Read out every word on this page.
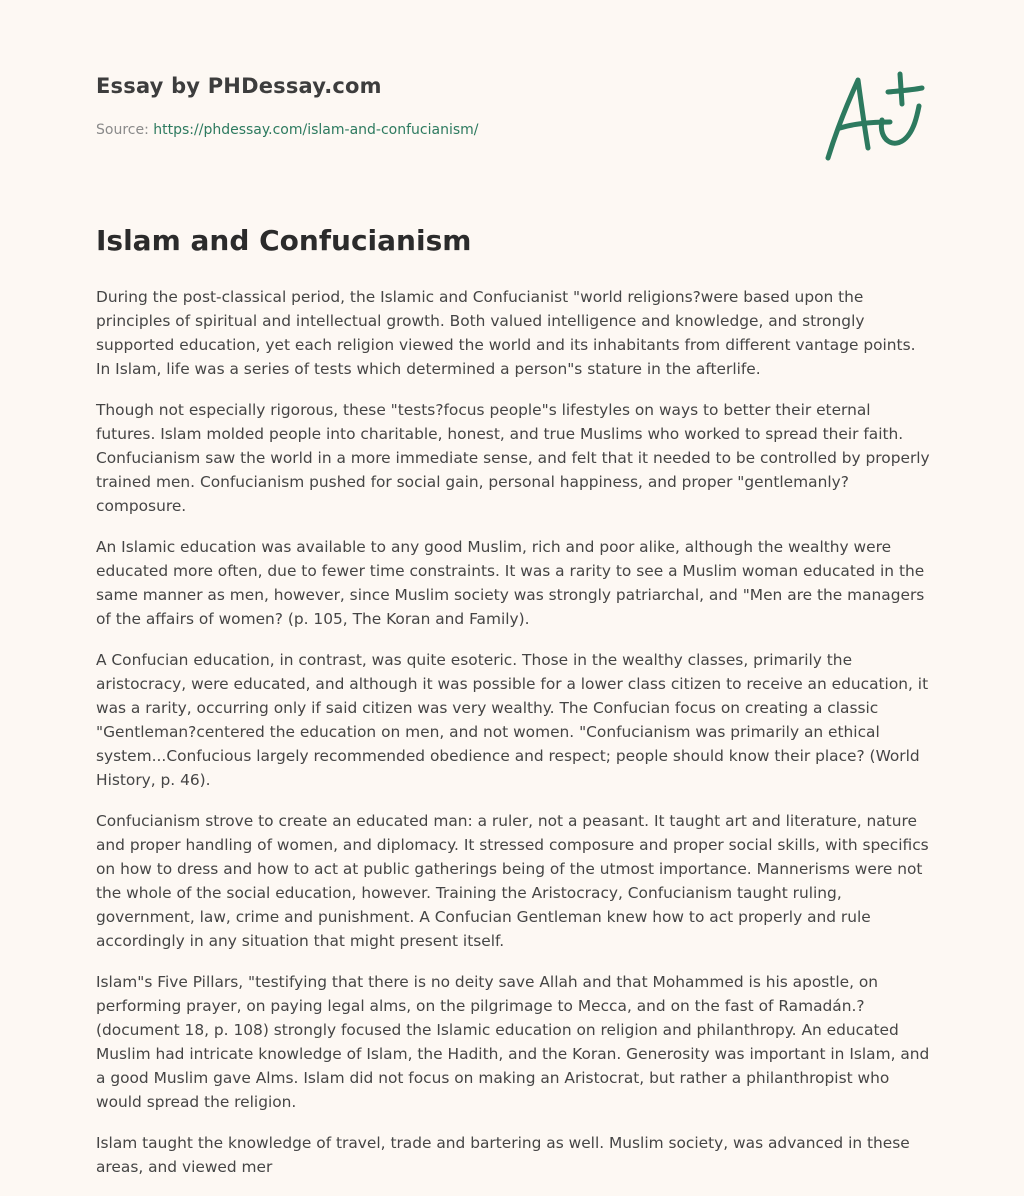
Essay by PHDessay.com
Source: https://phdessay.com/islam-and-confucianism/
Islam and Confucianism

During the post-classical period, the Islamic and Confucianist "world religions?were based upon the principles of spiritual and intellectual growth. Both valued intelligence and knowledge, and strongly supported education, yet each religion viewed the world and its inhabitants from different vantage points. In Islam, life was a series of tests which determined a person"s stature in the afterlife.

Though not especially rigorous, these "tests?focus people"s lifestyles on ways to better their eternal futures. Islam molded people into charitable, honest, and true Muslims who worked to spread their faith. Confucianism saw the world in a more immediate sense, and felt that it needed to be controlled by properly trained men. Confucianism pushed for social gain, personal happiness, and proper "gentlemanly?composure.

An Islamic education was available to any good Muslim, rich and poor alike, although the wealthy were educated more often, due to fewer time constraints. It was a rarity to see a Muslim woman educated in the same manner as men, however, since Muslim society was strongly patriarchal, and "Men are the managers of the affairs of women? (p. 105, The Koran and Family).

A Confucian education, in contrast, was quite esoteric. Those in the wealthy classes, primarily the aristocracy, were educated, and although it was possible for a lower class citizen to receive an education, it was a rarity, occurring only if said citizen was very wealthy. The Confucian focus on creating a classic "Gentleman?centered the education on men, and not women. "Confucianism was primarily an ethical system...Confucious largely recommended obedience and respect; people should know their place? (World History, p. 46).

Confucianism strove to create an educated man: a ruler, not a peasant. It taught art and literature, nature and proper handling of women, and diplomacy. It stressed composure and proper social skills, with specifics on how to dress and how to act at public gatherings being of the utmost importance. Mannerisms were not the whole of the social education, however. Training the Aristocracy, Confucianism taught ruling, government, law, crime and punishment. A Confucian Gentleman knew how to act properly and rule accordingly in any situation that might present itself.

Islam"s Five Pillars, "testifying that there is no deity save Allah and that Mohammed is his apostle, on performing prayer, on paying legal alms, on the pilgrimage to Mecca, and on the fast of Ramadán.?(document 18, p. 108) strongly focused the Islamic education on religion and philanthropy. An educated Muslim had intricate knowledge of Islam, the Hadith, and the Koran. Generosity was important in Islam, and a good Muslim gave Alms. Islam did not focus on making an Aristocrat, but rather a philanthropist who would spread the religion.

Islam taught the knowledge of travel, trade and bartering as well. Muslim society, was advanced in these areas, and viewed mer
